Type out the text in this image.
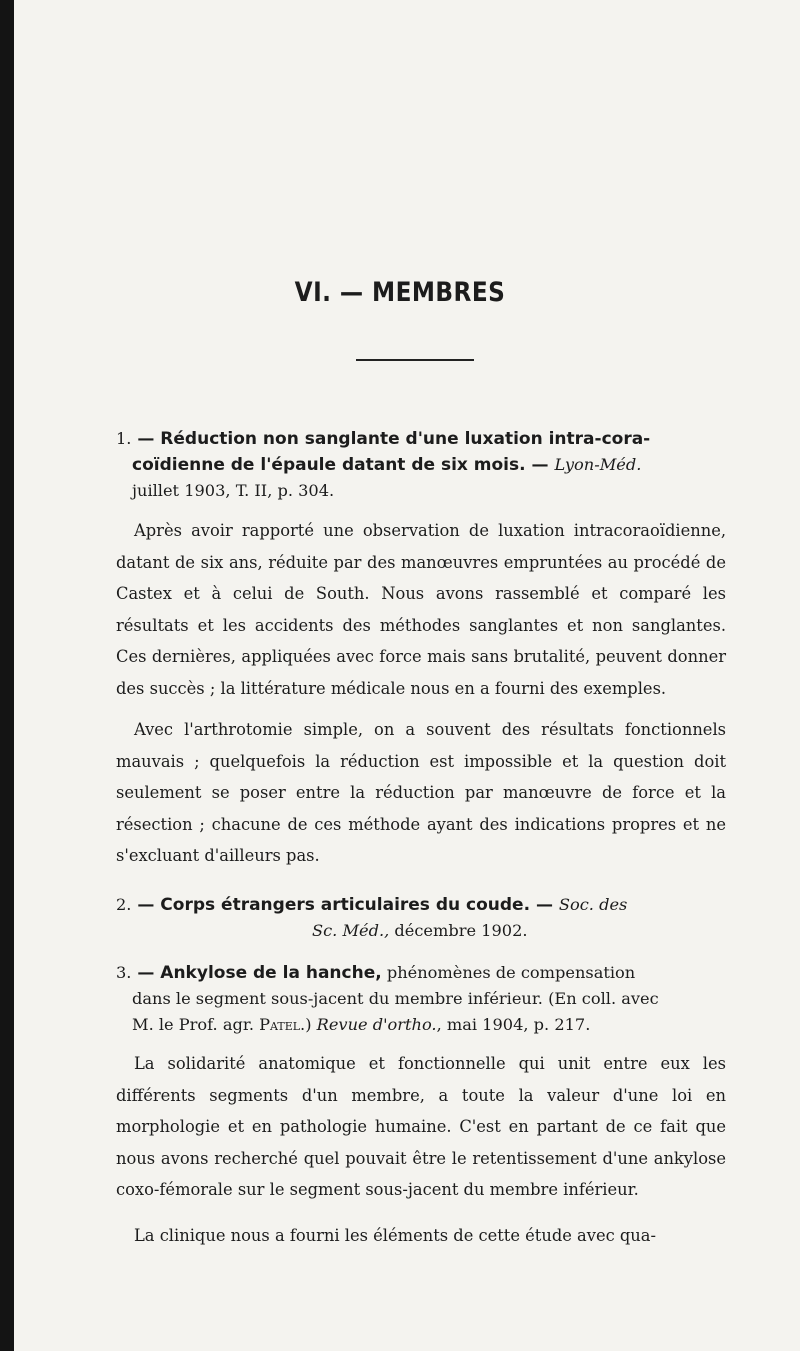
VI. — MEMBRES
1. — Réduction non sanglante d'une luxation intra-cora-
coïdienne de l'épaule datant de six mois. — Lyon-Méd.
juillet 1903, T. II, p. 304.
Après avoir rapporté une observation de luxation intracoraoïdienne, datant de six ans, réduite par des manœuvres empruntées au procédé de Castex et à celui de South. Nous avons rassemblé et comparé les résultats et les accidents des méthodes sanglantes et non sanglantes. Ces dernières, appliquées avec force mais sans brutalité, peuvent donner des succès ; la littérature médicale nous en a fourni des exemples.
Avec l'arthrotomie simple, on a souvent des résultats fonctionnels mauvais ; quelquefois la réduction est impossible et la question doit seulement se poser entre la réduction par manœuvre de force et la résection ; chacune de ces méthode ayant des indications propres et ne s'excluant d'ailleurs pas.
2. — Corps étrangers articulaires du coude. — Soc. des
Sc. Méd., décembre 1902.
3. — Ankylose de la hanche, phénomènes de compensation
dans le segment sous-jacent du membre inférieur. (En coll. avec
M. le Prof. agr. Patel.) Revue d'ortho., mai 1904, p. 217.
La solidarité anatomique et fonctionnelle qui unit entre eux les différents segments d'un membre, a toute la valeur d'une loi en morphologie et en pathologie humaine. C'est en partant de ce fait que nous avons recherché quel pouvait être le retentissement d'une ankylose coxo-fémorale sur le segment sous-jacent du membre inférieur.
La clinique nous a fourni les éléments de cette étude avec qua-
